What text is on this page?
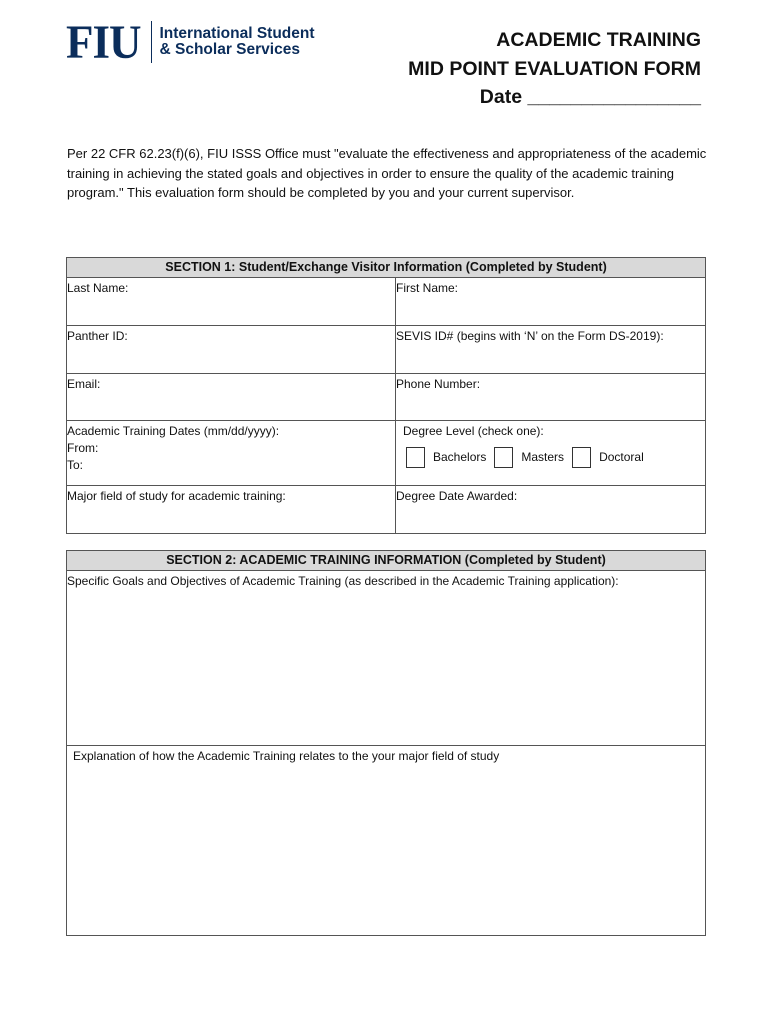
FIU International Student
& Scholar Services	ACADEMIC TRAINING
MID POINT EVALUATION FORM
Date ________________
Per 22 CFR 62.23(f)(6), FIU ISSS Office must "evaluate the effectiveness and appropriateness of the academic training in achieving the stated goals and objectives in order to ensure the quality of the academic training program." This evaluation form should be completed by you and your current supervisor.
SECTION 1: Student/Exchange Visitor Information (Completed by Student)
Last Name:	First Name:
Panther ID:	SEVIS ID# (begins with ‘N’ on the Form DS-2019):
Email:	Phone Number:
Academic Training Dates (mm/dd/yyyy):
From:
To:
Degree Level (check one):
Bachelors	Masters	Doctoral
Major field of study for academic training:	Degree Date Awarded:
SECTION 2: ACADEMIC TRAINING INFORMATION (Completed by Student)
Specific Goals and Objectives of Academic Training (as described in the Academic Training application):
Explanation of how the Academic Training relates to the your major field of study
